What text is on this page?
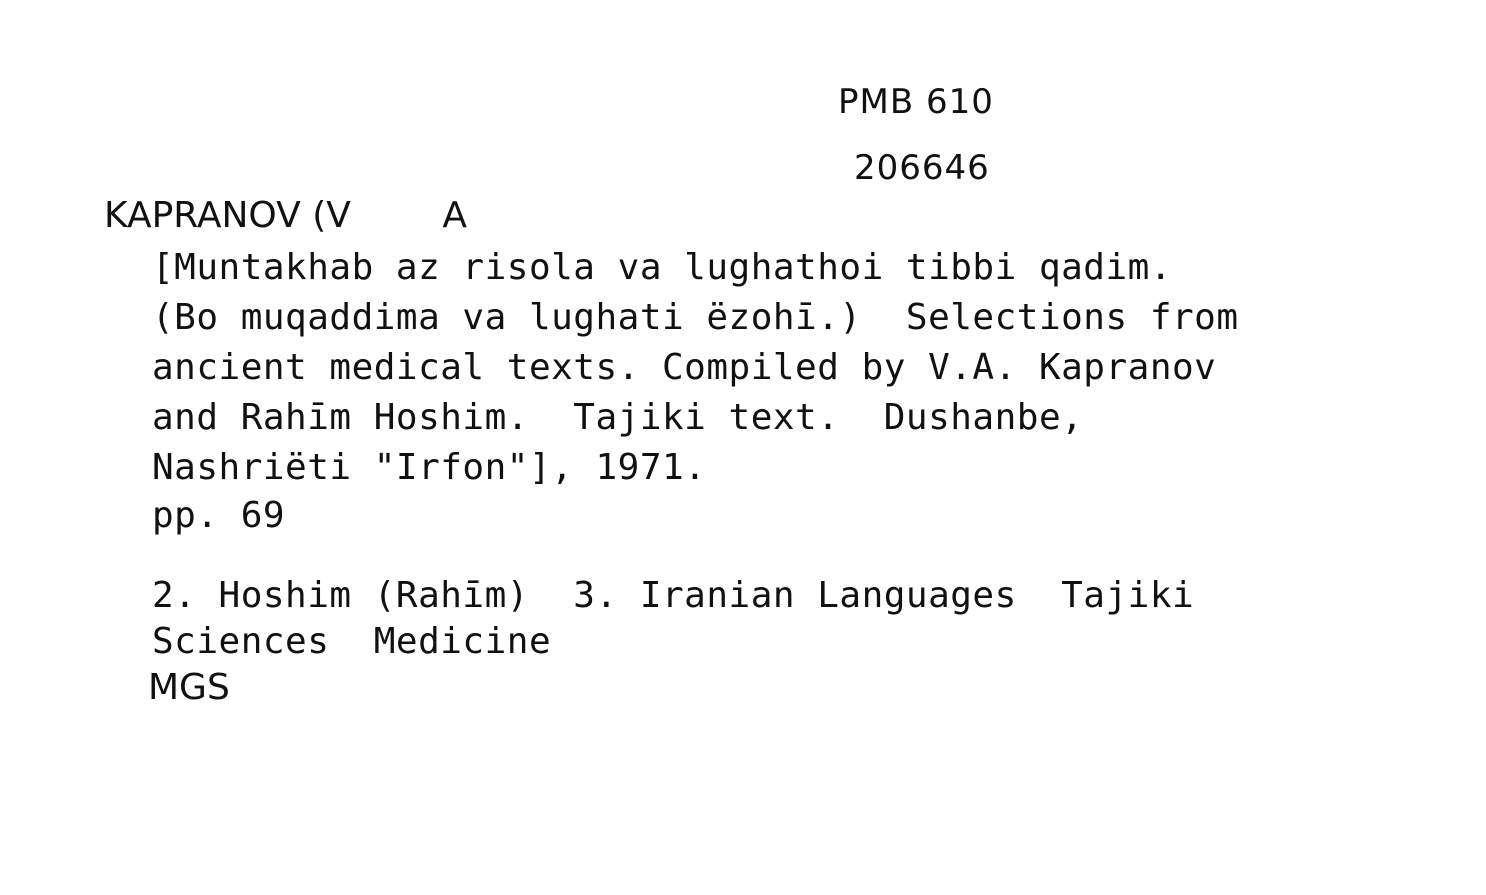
PMB 610
206646
KAPRANOV (V        A
[Muntakhab az risola va lughathoi tibbi qadim.
(Bo muqaddima va lughati ëzohī.)  Selections from
ancient medical texts. Compiled by V.A. Kapranov
and Rahīm Hoshim.  Tajiki text.  Dushanbe,
Nashriëti "Irfon"], 1971.
pp. 69
2. Hoshim (Rahīm)  3. Iranian Languages  Tajiki
Sciences  Medicine
MGS
